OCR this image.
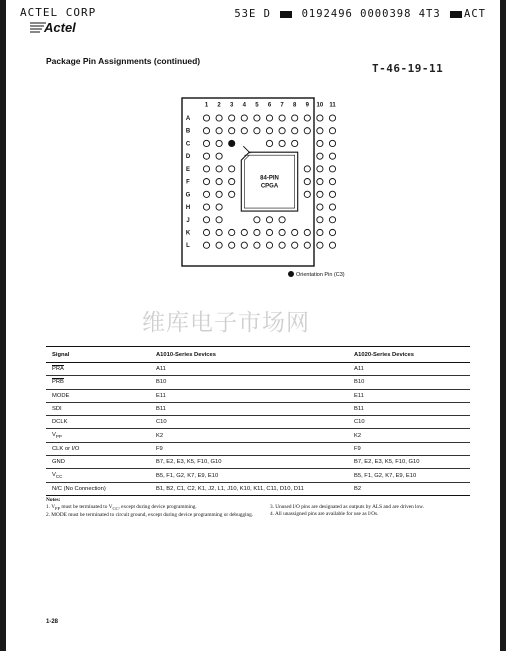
ACTEL CORP
Actel
53E D	0192496 0000398 4T3 ACT
Package Pin Assignments (continued)
T-46-19-11
1 2 3 4 5 6 7 8 9 10 11
A
B
C
D
E
F
G
H
J
K
L
84-PIN
CPGA
Orientation Pin (C3)
维库电子市场网
Signal	A1010-Series Devices	A1020-Series Devices
$\overline{PRA}$	A11	A11
$\overline{PRB}$	B10	B10
MODE	E11	E11
SDI	B11	B11
DCLK	C10	C10
$V_{PP}$	K2	K2
CLK or I/O	F9	F9
GND	B7, E2, E3, K5, F10, G10	B7, E2, E3, K5, F10, G10
$V_{CC}$	B5, F1, G2, K7, E9, E10	B5, F1, G2, K7, E9, E10
N/C (No Connection)	B1, B2, C1, C2, K1, J2, L1, J10, K10, K11, C11, D10, D11	B2
Notes:

1. $V_{PP}$ must be terminated to $V_{CC}$, except during device programming.

2. MODE must be terminated to circuit ground, except during device programming or debugging.

3. Unused I/O pins are designated as outputs by ALS and are driven low.

4. All unassigned pins are available for use as I/Os.

1-28
